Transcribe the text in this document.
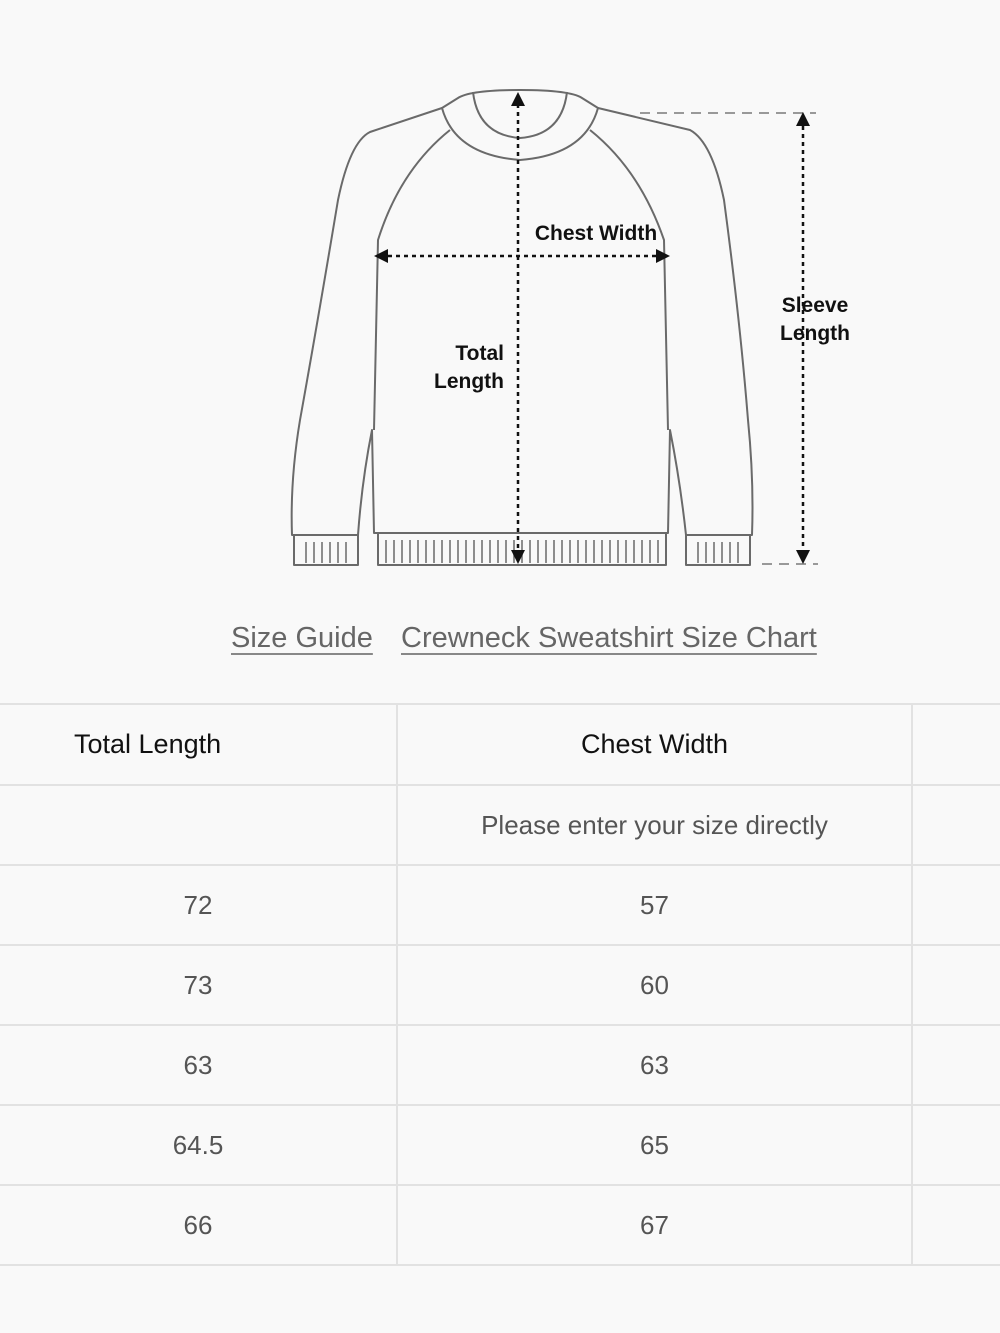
Chest Width
Total
Length
Sleeve
Length
Size Guide Crewneck Sweatshirt Size Chart
Total Length	Chest Width	
	Please enter your size directly	
72	57	
73	60	
63	63	
64.5	65	
66	67	
